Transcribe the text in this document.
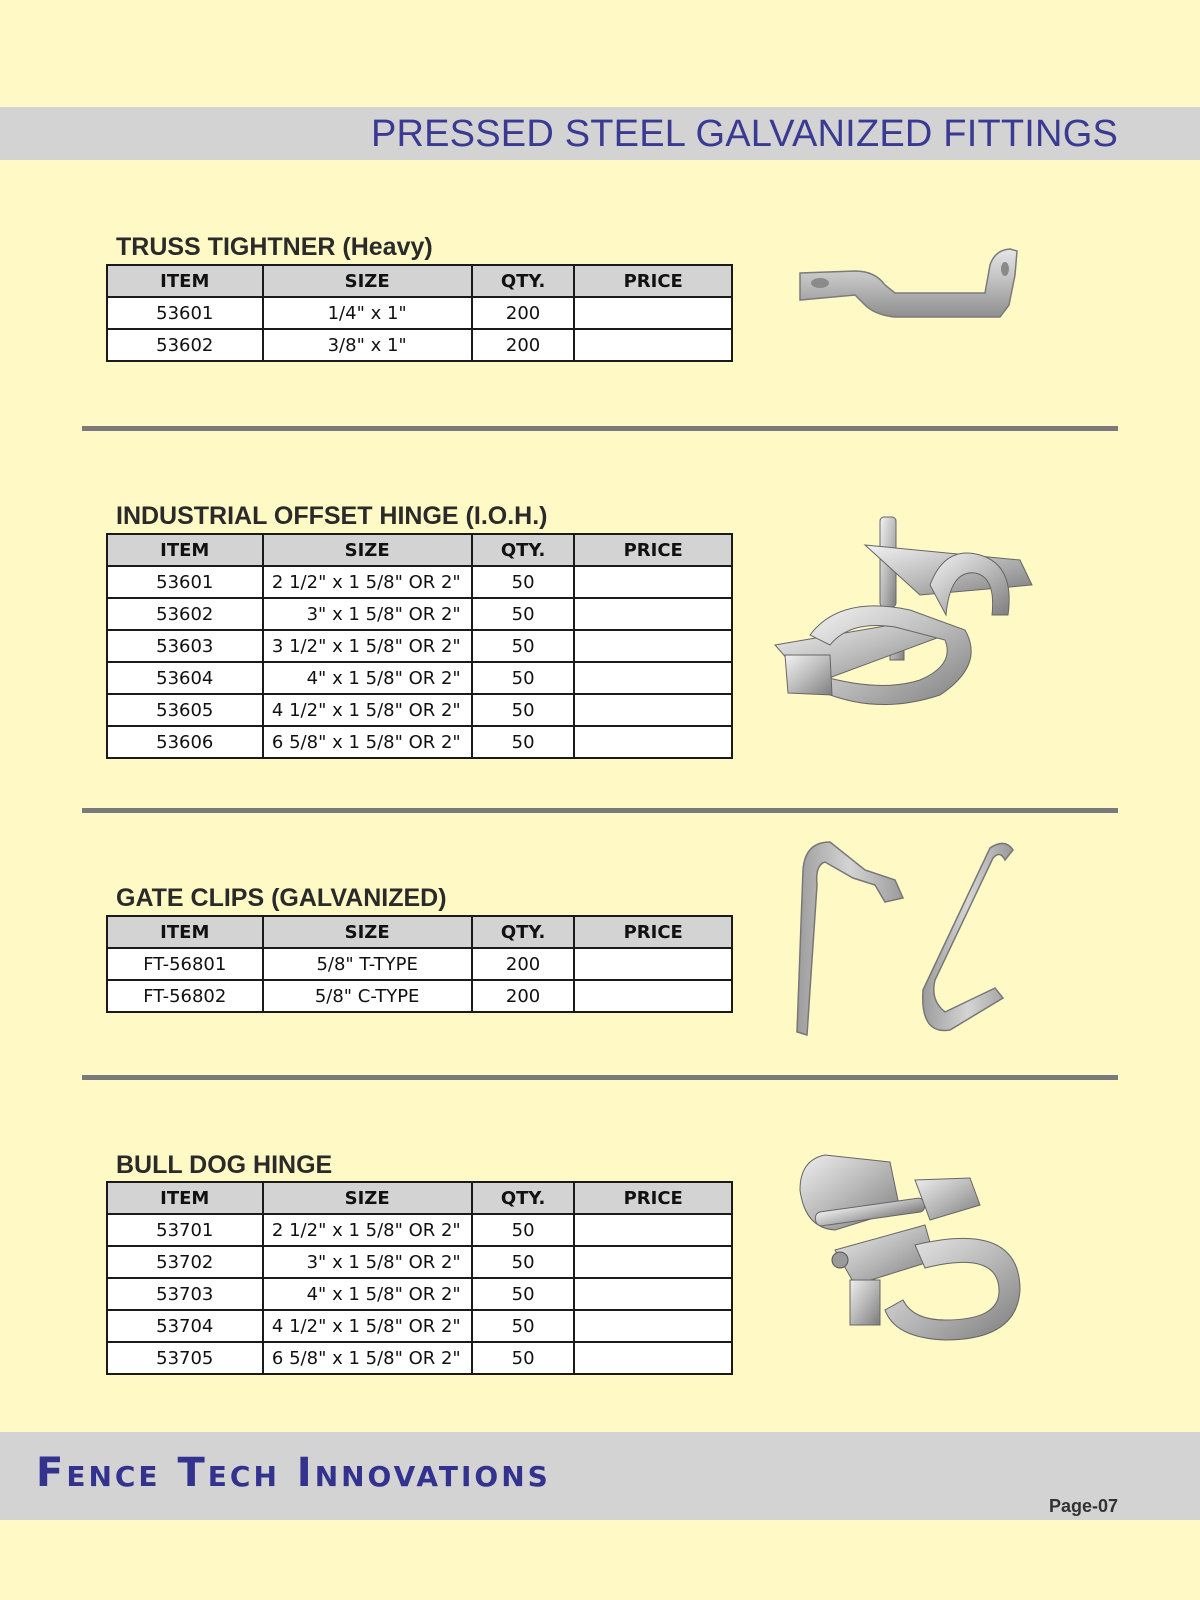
PRESSED STEEL GALVANIZED FITTINGS
TRUSS TIGHTNER (Heavy)
ITEM	SIZE	QTY.	PRICE
53601	1/4" x 1"	200	
53602	3/8" x 1"	200	
INDUSTRIAL OFFSET HINGE (I.O.H.)
ITEM	SIZE	QTY.	PRICE
53601	2 1/2" x 1 5/8" OR 2"	50	
53602	3" x 1 5/8" OR 2"	50	
53603	3 1/2" x 1 5/8" OR 2"	50	
53604	4" x 1 5/8" OR 2"	50	
53605	4 1/2" x 1 5/8" OR 2"	50	
53606	6 5/8" x 1 5/8" OR 2"	50	
GATE CLIPS (GALVANIZED)
ITEM	SIZE	QTY.	PRICE
FT-56801	5/8" T-TYPE	200	
FT-56802	5/8" C-TYPE	200	
BULL DOG HINGE
ITEM	SIZE	QTY.	PRICE
53701	2 1/2" x 1 5/8" OR 2"	50	
53702	3" x 1 5/8" OR 2"	50	
53703	4" x 1 5/8" OR 2"	50	
53704	4 1/2" x 1 5/8" OR 2"	50	
53705	6 5/8" x 1 5/8" OR 2"	50	
Fence Tech Innovations
Page-07
